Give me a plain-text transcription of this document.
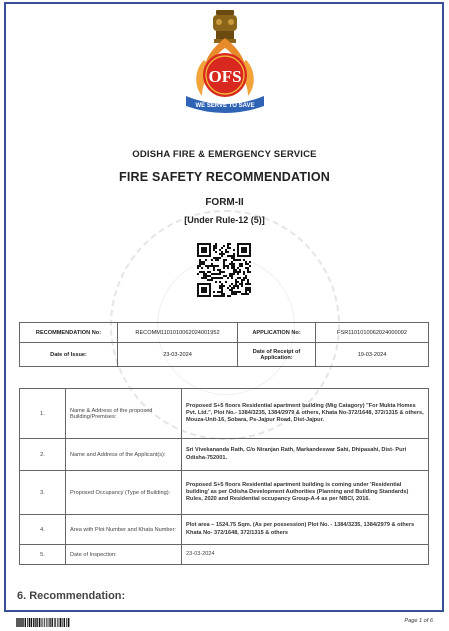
OFS
WE SERVE TO SAVE
ODISHA FIRE & EMERGENCY SERVICE
FIRE SAFETY RECOMMENDATION
FORM-II
[Under Rule-12 (5)]
RECOMMENDATION No:	RECOMM1101010062024001952	APPLICATION No:	FSR1101010062024000002
Date of Issue:	23-03-2024	Date of Receipt of Application:	19-03-2024
1.	Name & Address of the proposed Building/Premises:	Proposed S+5 floors Residential apartment building (Mig Catagory) "For Mukta Homes Pvt. Ltd.", Plot No.- 1384/3235, 1384/2979 & others, Khata No-372/1648, 372/1315 & others, Mouza-Unit-16, Sobara, Ps-Jajpur Road, Dist-Jajpur.
2.	Name and Address of the Applicant(s):	Sri Vivekananda Rath, C/o Niranjan Rath, Markandeswar Sahi, Dhipasahi, Dist- Puri Odisha-752001.
3.	Proposed Occupancy (Type of Building):	Proposed S+5 floors Residential apartment building is coming under 'Residential building' as per Odisha Development Authorities (Planning and Building Standards) Rules, 2020 and Residential occupancy Group-A-4 as per NBCI, 2016.
4.	Area with Plot Number and Khata Number:	Plot area – 1524.75 Sqm. (As per possession) Plot No. - 1384/3235, 1384/2979 & others Khata No- 372/1648, 372/1315 & others
5.	Date of Inspection:	23-03-2024
6. Recommendation:
Page 1 of 6
